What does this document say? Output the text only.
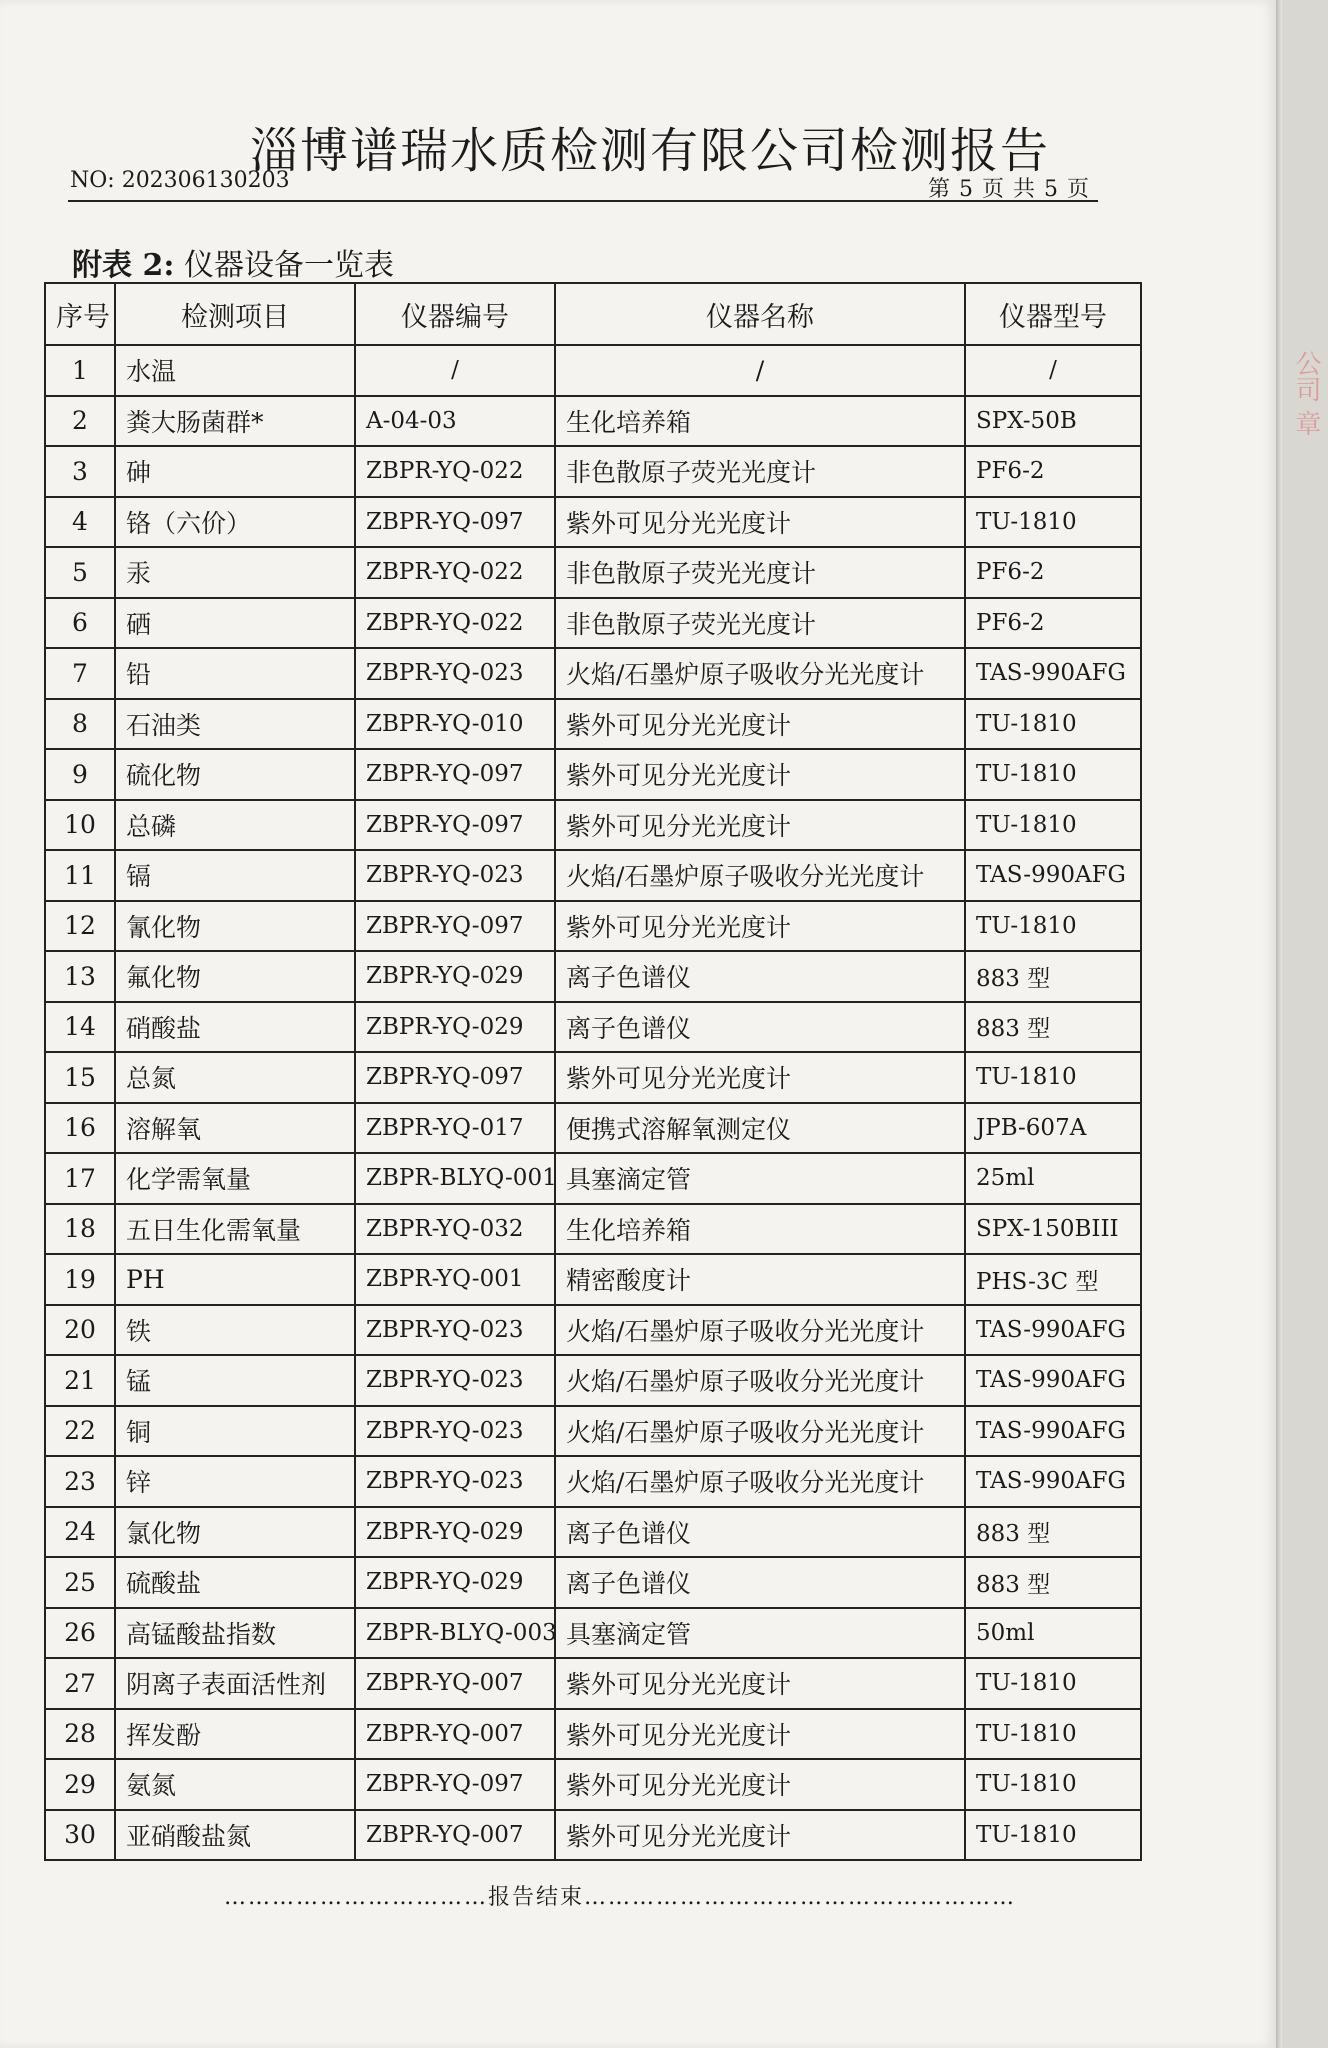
淄博谱瑞水质检测有限公司检测报告
NO: 202306130203	第 5 页 共 5 页
附表 2: 仪器设备一览表
序号	检测项目	仪器编号	仪器名称	仪器型号
1	水温	/	/	/
2	粪大肠菌群*	A-04-03	生化培养箱	SPX-50B
3	砷	ZBPR-YQ-022	非色散原子荧光光度计	PF6-2
4	铬（六价）	ZBPR-YQ-097	紫外可见分光光度计	TU-1810
5	汞	ZBPR-YQ-022	非色散原子荧光光度计	PF6-2
6	硒	ZBPR-YQ-022	非色散原子荧光光度计	PF6-2
7	铅	ZBPR-YQ-023	火焰/石墨炉原子吸收分光光度计	TAS-990AFG
8	石油类	ZBPR-YQ-010	紫外可见分光光度计	TU-1810
9	硫化物	ZBPR-YQ-097	紫外可见分光光度计	TU-1810
10	总磷	ZBPR-YQ-097	紫外可见分光光度计	TU-1810
11	镉	ZBPR-YQ-023	火焰/石墨炉原子吸收分光光度计	TAS-990AFG
12	氰化物	ZBPR-YQ-097	紫外可见分光光度计	TU-1810
13	氟化物	ZBPR-YQ-029	离子色谱仪	883 型
14	硝酸盐	ZBPR-YQ-029	离子色谱仪	883 型
15	总氮	ZBPR-YQ-097	紫外可见分光光度计	TU-1810
16	溶解氧	ZBPR-YQ-017	便携式溶解氧测定仪	JPB-607A
17	化学需氧量	ZBPR-BLYQ-001	具塞滴定管	25ml
18	五日生化需氧量	ZBPR-YQ-032	生化培养箱	SPX-150BIII
19	PH	ZBPR-YQ-001	精密酸度计	PHS-3C 型
20	铁	ZBPR-YQ-023	火焰/石墨炉原子吸收分光光度计	TAS-990AFG
21	锰	ZBPR-YQ-023	火焰/石墨炉原子吸收分光光度计	TAS-990AFG
22	铜	ZBPR-YQ-023	火焰/石墨炉原子吸收分光光度计	TAS-990AFG
23	锌	ZBPR-YQ-023	火焰/石墨炉原子吸收分光光度计	TAS-990AFG
24	氯化物	ZBPR-YQ-029	离子色谱仪	883 型
25	硫酸盐	ZBPR-YQ-029	离子色谱仪	883 型
26	高锰酸盐指数	ZBPR-BLYQ-003	具塞滴定管	50ml
27	阴离子表面活性剂	ZBPR-YQ-007	紫外可见分光光度计	TU-1810
28	挥发酚	ZBPR-YQ-007	紫外可见分光光度计	TU-1810
29	氨氮	ZBPR-YQ-097	紫外可见分光光度计	TU-1810
30	亚硝酸盐氮	ZBPR-YQ-007	紫外可见分光光度计	TU-1810
……………………………报告结束………………………………………………
公司 章
